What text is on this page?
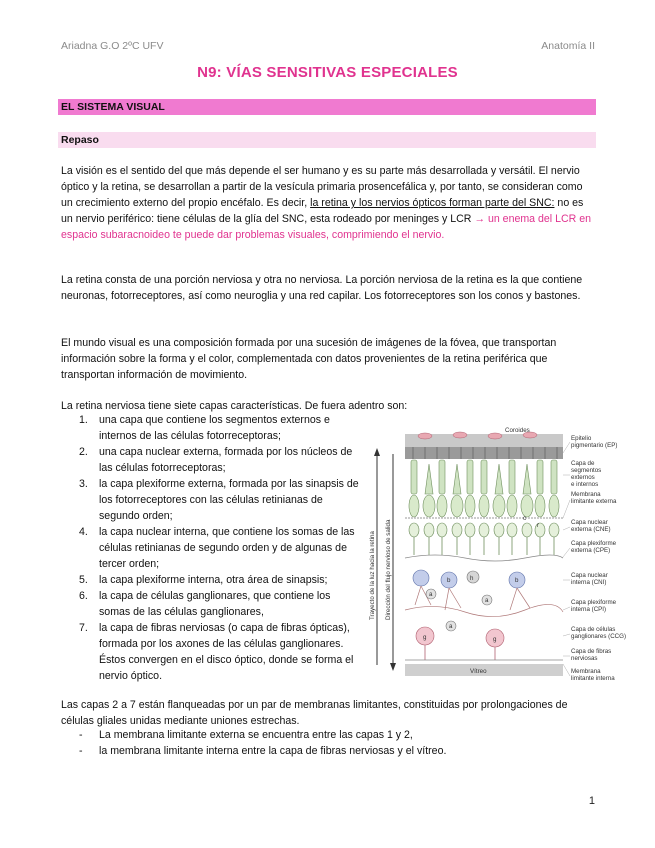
Ariadna G.O 2ºC UFV	Anatomía II
N9: VÍAS SENSITIVAS ESPECIALES
EL SISTEMA VISUAL
Repaso
La visión es el sentido del que más depende el ser humano y es su parte más desarrollada y versátil. El nervio óptico y la retina, se desarrollan a partir de la vesícula primaria prosencefálica y, por tanto, se consideran como un crecimiento externo del propio encéfalo. Es decir, la retina y los nervios ópticos forman parte del SNC: no es un nervio periférico: tiene células de la glía del SNC, esta rodeado por meninges y LCR → un enema del LCR en espacio subaracnoideo te puede dar problemas visuales, comprimiendo el nervio.
La retina consta de una porción nerviosa y otra no nerviosa. La porción nerviosa de la retina es la que contiene neuronas, fotorreceptores, así como neuroglia y una red capilar. Los fotorreceptores son los conos y bastones.
El mundo visual es una composición formada por una sucesión de imágenes de la fóvea, que transportan información sobre la forma y el color, complementada con datos provenientes de la retina periférica que transportan información de movimiento.
La retina nerviosa tiene siete capas características. De fuera adentro son:
1. una capa que contiene los segmentos externos e internos de las células fotorreceptoras;
2. una capa nuclear externa, formada por los núcleos de las células fotorreceptoras;
3. la capa plexiforme externa, formada por las sinapsis de los fotorreceptores con las células retinianas de segundo orden;
4. la capa nuclear interna, que contiene los somas de las células retinianas de segundo orden y de algunas de tercer orden;
5. la capa plexiforme interna, otra área de sinapsis;
6. la capa de células ganglionares, que contiene los somas de las células ganglionares,
7. la capa de fibras nerviosas (o capa de fibras ópticas), formada por los axones de las células ganglionares. Éstos convergen en el disco óptico, donde se forma el nervio óptico.
Coroides
c
r
h
b	b
a
a
a
g	g
Vítreo
Trayecto de la luz hacia la retina Dirección del flujo nervioso de salida
Epitelio
pigmentario (EP)
Capa de
segmentos
externos
e internos
Membrana
limitante externa
Capa nuclear
externa (CNE)
Capa plexiforme
externa (CPE)
Capa nuclear
interna (CNI)
Capa plexiforme
interna (CPI)
Capa de células
ganglionares (CCG)
Capa de fibras
nerviosas
Membrana
limitante interna
Las capas 2 a 7 están flanqueadas por un par de membranas limitantes, constituidas por prolongaciones de células gliales unidas mediante uniones estrechas.
- La membrana limitante externa se encuentra entre las capas 1 y 2,
- la membrana limitante interna entre la capa de fibras nerviosas y el vítreo.
1
